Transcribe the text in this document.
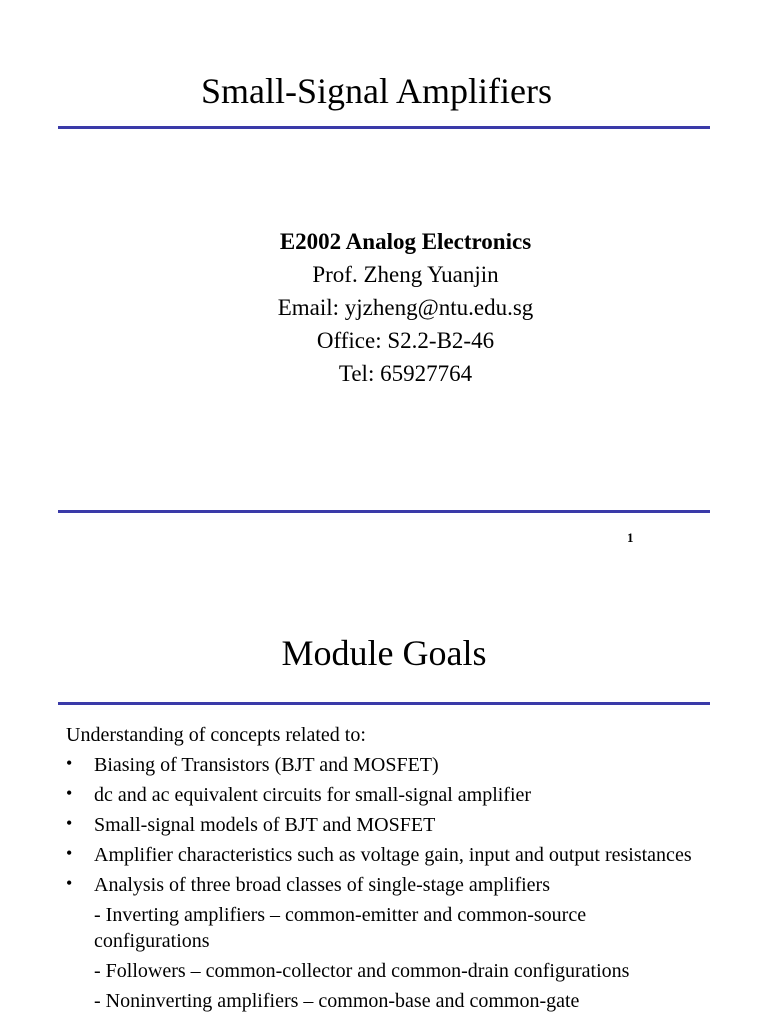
Small-Signal Amplifiers
E2002 Analog Electronics
Prof. Zheng Yuanjin
Email: yjzheng@ntu.edu.sg
Office: S2.2-B2-46
Tel: 65927764
1
Module Goals
Understanding of concepts related to:
• Biasing of Transistors (BJT and MOSFET)
• dc and ac equivalent circuits for small-signal amplifier
• Small-signal models of BJT and MOSFET
• Amplifier characteristics such as voltage gain, input and output resistances
• Analysis of three broad classes of single-stage amplifiers
- Inverting amplifiers – common-emitter and common-source configurations
- Followers – common-collector and common-drain configurations
- Noninverting amplifiers – common-base and common-gate
